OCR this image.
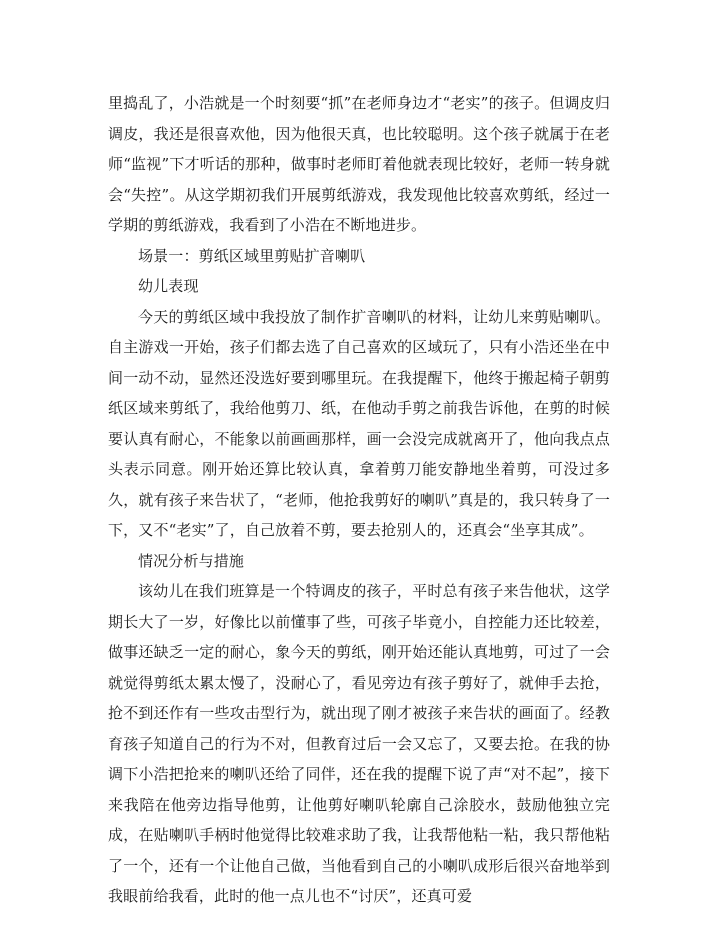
里捣乱了，小浩就是一个时刻要“抓”在老师身边才“老实”的孩子。但调皮归调皮，我还是很喜欢他，因为他很天真，也比较聪明。这个孩子就属于在老师“监视”下才听话的那种，做事时老师盯着他就表现比较好，老师一转身就会“失控”。从这学期初我们开展剪纸游戏，我发现他比较喜欢剪纸，经过一学期的剪纸游戏，我看到了小浩在不断地进步。

场景一：剪纸区域里剪贴扩音喇叭

幼儿表现

今天的剪纸区域中我投放了制作扩音喇叭的材料，让幼儿来剪贴喇叭。自主游戏一开始，孩子们都去选了自己喜欢的区域玩了，只有小浩还坐在中间一动不动，显然还没选好要到哪里玩。在我提醒下，他终于搬起椅子朝剪纸区域来剪纸了，我给他剪刀、纸，在他动手剪之前我告诉他，在剪的时候要认真有耐心，不能象以前画画那样，画一会没完成就离开了，他向我点点头表示同意。刚开始还算比较认真，拿着剪刀能安静地坐着剪，可没过多久，就有孩子来告状了，“老师，他抢我剪好的喇叭”真是的，我只转身了一下，又不“老实”了，自己放着不剪，要去抢别人的，还真会“坐享其成”。

情况分析与措施

该幼儿在我们班算是一个特调皮的孩子，平时总有孩子来告他状，这学期长大了一岁，好像比以前懂事了些，可孩子毕竟小，自控能力还比较差，做事还缺乏一定的耐心，象今天的剪纸，刚开始还能认真地剪，可过了一会就觉得剪纸太累太慢了，没耐心了，看见旁边有孩子剪好了，就伸手去抢，抢不到还作有一些攻击型行为，就出现了刚才被孩子来告状的画面了。经教育孩子知道自己的行为不对，但教育过后一会又忘了，又要去抢。在我的协调下小浩把抢来的喇叭还给了同伴，还在我的提醒下说了声“对不起”，接下来我陪在他旁边指导他剪，让他剪好喇叭轮廓自己涂胶水，鼓励他独立完成，在贴喇叭手柄时他觉得比较难求助了我，让我帮他粘一粘，我只帮他粘了一个，还有一个让他自己做，当他看到自己的小喇叭成形后很兴奋地举到我眼前给我看，此时的他一点儿也不“讨厌”，还真可爱
